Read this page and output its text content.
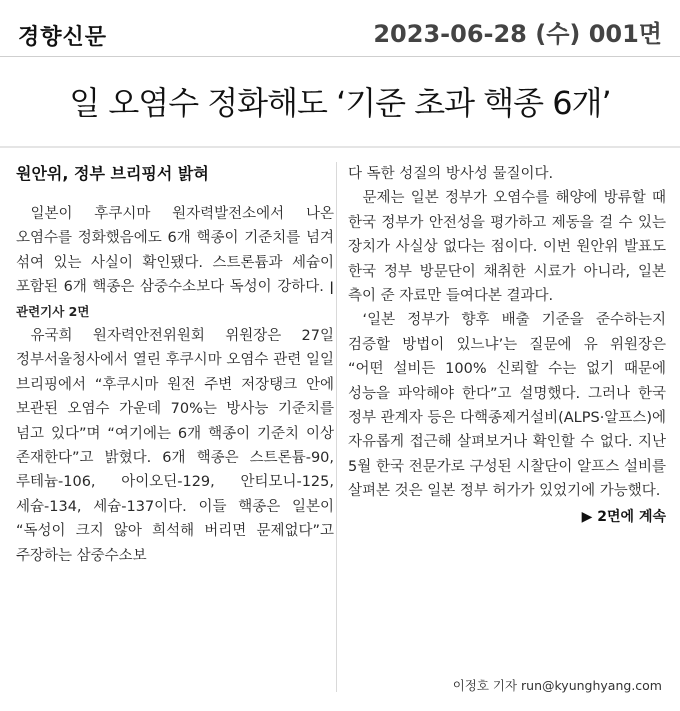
경향신문	2023-06-28 (수) 001면
일 오염수 정화해도 ‘기준 초과 핵종 6개’
원안위, 정부 브리핑서 밝혀

일본이 후쿠시마 원자력발전소에서 나온 오염수를 정화했음에도 6개 핵종이 기준치를 넘겨 섞여 있는 사실이 확인됐다. 스트론튬과 세슘이 포함된 6개 핵종은 삼중수소보다 독성이 강하다. | 관련기사 2면

유국희 원자력안전위원회 위원장은 27일 정부서울청사에서 열린 후쿠시마 오염수 관련 일일 브리핑에서 “후쿠시마 원전 주변 저장탱크 안에 보관된 오염수 가운데 70%는 방사능 기준치를 넘고 있다”며 “여기에는 6개 핵종이 기준치 이상 존재한다”고 밝혔다. 6개 핵종은 스트론튬-90, 루테늄-106, 아이오딘-129, 안티모니-125, 세슘-134, 세슘-137이다. 이들 핵종은 일본이 “독성이 크지 않아 희석해 버리면 문제없다”고 주장하는 삼중수소보

다 독한 성질의 방사성 물질이다.

문제는 일본 정부가 오염수를 해양에 방류할 때 한국 정부가 안전성을 평가하고 제동을 걸 수 있는 장치가 사실상 없다는 점이다. 이번 원안위 발표도 한국 정부 방문단이 채취한 시료가 아니라, 일본 측이 준 자료만 들여다본 결과다.

‘일본 정부가 향후 배출 기준을 준수하는지 검증할 방법이 있느냐’는 질문에 유 위원장은 “어떤 설비든 100% 신뢰할 수는 없기 때문에 성능을 파악해야 한다”고 설명했다. 그러나 한국 정부 관계자 등은 다핵종제거설비(ALPS·알프스)에 자유롭게 접근해 살펴보거나 확인할 수 없다. 지난 5월 한국 전문가로 구성된 시찰단이 알프스 설비를 살펴본 것은 일본 정부 허가가 있었기에 가능했다.

▶ 2면에 계속
이정호 기자 run@kyunghyang.com
